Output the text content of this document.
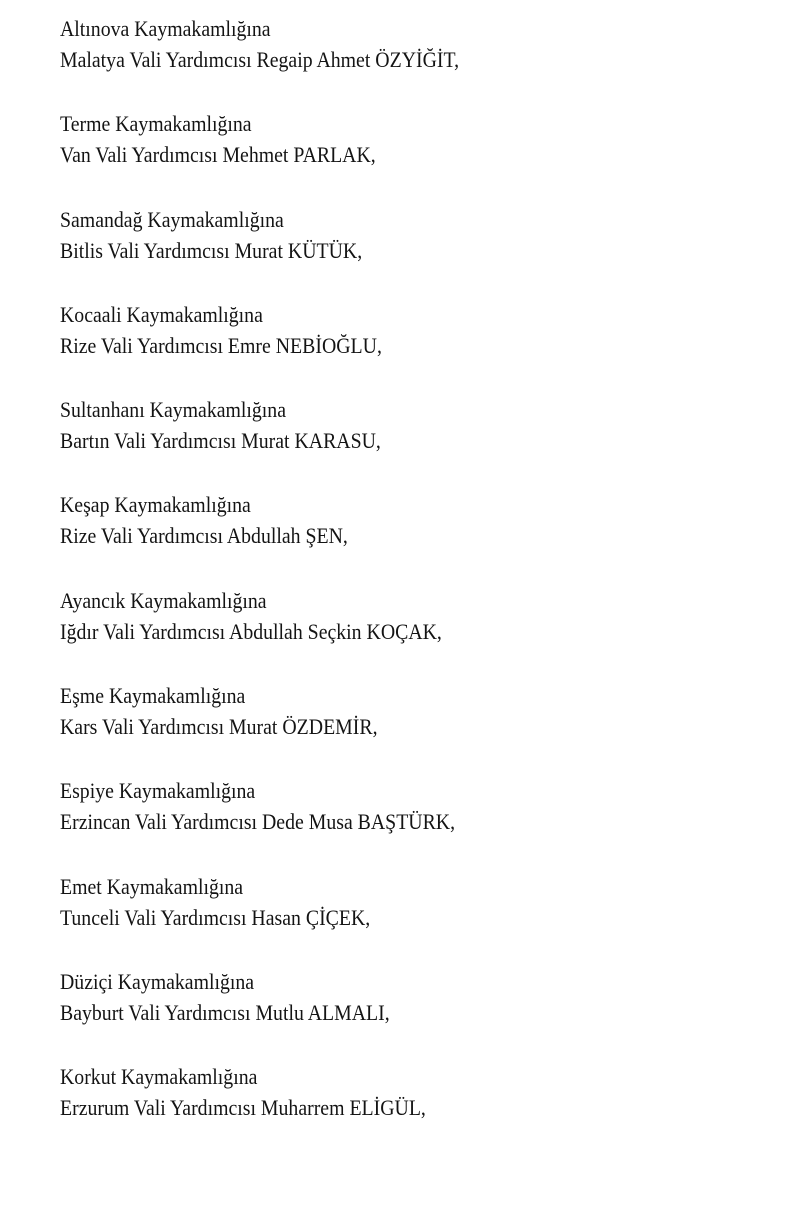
Altınova Kaymakamlığına
Malatya Vali Yardımcısı Regaip Ahmet ÖZYİĞİT,
Terme Kaymakamlığına
Van Vali Yardımcısı Mehmet PARLAK,
Samandağ Kaymakamlığına
Bitlis Vali Yardımcısı Murat KÜTÜK,
Kocaali Kaymakamlığına
Rize Vali Yardımcısı Emre NEBİOĞLU,
Sultanhanı Kaymakamlığına
Bartın Vali Yardımcısı Murat KARASU,
Keşap Kaymakamlığına
Rize Vali Yardımcısı Abdullah ŞEN,
Ayancık Kaymakamlığına
Iğdır Vali Yardımcısı Abdullah Seçkin KOÇAK,
Eşme Kaymakamlığına
Kars Vali Yardımcısı Murat ÖZDEMİR,
Espiye Kaymakamlığına
Erzincan Vali Yardımcısı Dede Musa BAŞTÜRK,
Emet Kaymakamlığına
Tunceli Vali Yardımcısı Hasan ÇİÇEK,
Düziçi Kaymakamlığına
Bayburt Vali Yardımcısı Mutlu ALMALI,
Korkut Kaymakamlığına
Erzurum Vali Yardımcısı Muharrem ELİGÜL,
